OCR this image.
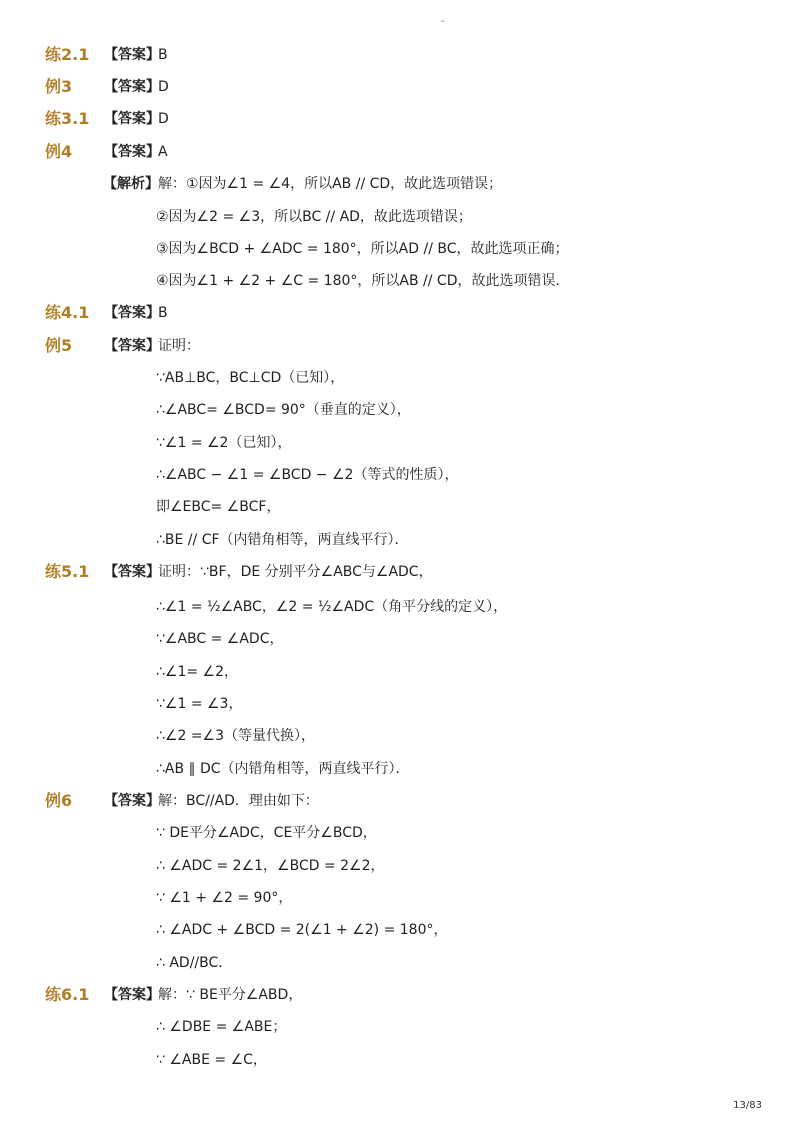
-
练2.1 【答案】
B
例3 【答案】
D
练3.1 【答案】
D
例4 【答案】
A
【解析】 解：①因为∠1 = ∠4，所以AB // CD，故此选项错误；
②因为∠2 = ∠3，所以BC // AD，故此选项错误；
③因为∠BCD + ∠ADC = 180°，所以AD // BC，故此选项正确；
④因为∠1 + ∠2 + ∠C = 180°，所以AB // CD，故此选项错误．
练4.1 【答案】
B
例5 【答案】
证明：
∵AB⊥BC，BC⊥CD（已知），
∴∠ABC= ∠BCD= 90°（垂直的定义），
∵∠1 = ∠2（已知），
∴∠ABC − ∠1 = ∠BCD − ∠2（等式的性质），
即∠EBC= ∠BCF，
∴BE // CF（内错角相等，两直线平行）．
练5.1 【答案】
证明：∵BF，DE 分别平分∠ABC与∠ADC，
∴∠1 = ½∠ABC，∠2 = ½∠ADC（角平分线的定义），
∵∠ABC = ∠ADC，
∴∠1= ∠2，
∵∠1 = ∠3，
∴∠2 =∠3（等量代换），
∴AB ∥ DC（内错角相等，两直线平行）．
例6 【答案】
解：BC//AD．理由如下：
∵ DE平分∠ADC，CE平分∠BCD，
∴ ∠ADC = 2∠1，∠BCD = 2∠2，
∵ ∠1 + ∠2 = 90°，
∴ ∠ADC + ∠BCD = 2(∠1 + ∠2) = 180°，
∴ AD//BC．
练6.1 【答案】
解：∵ BE平分∠ABD，
∴ ∠DBE = ∠ABE；
∵ ∠ABE = ∠C，
13/83
